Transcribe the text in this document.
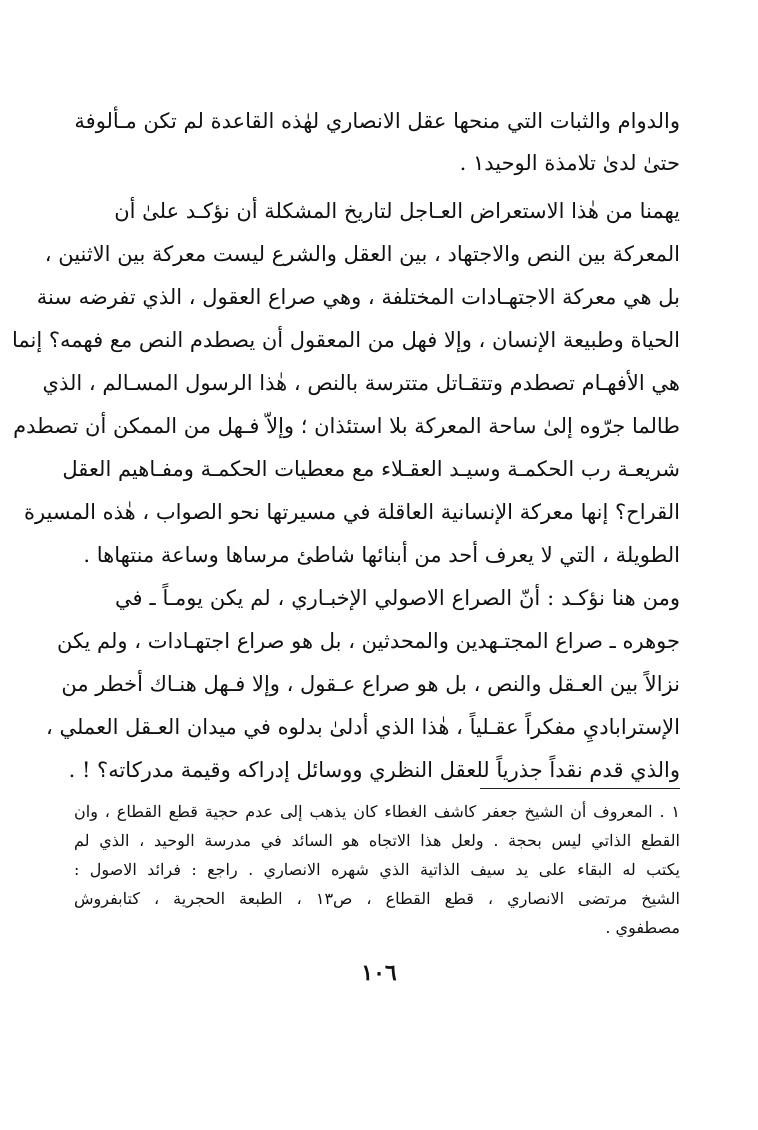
والدوام والثبات التي منحها عقل الانصاري لهٰذه القاعدة لم تكن مـألوفة
حتىٰ لدىٰ تلامذة الوحيد١ .
يهمنا من هٰذا الاستعراض العـاجل لتاريخ المشكلة أن نؤكـد علىٰ أن
المعركة بين النص والاجتهاد ، بين العقل والشرع ليست معركة بين الاثنين ،
بل هي معركة الاجتهـادات المختلفة ، وهي صراع العقول ، الذي تفرضه سنة
الحياة وطبيعة الإنسان ، وإلا فهل من المعقول أن يصطدم النص مع فهمه؟ إنما
هي الأفهـام تصطدم وتتقـاتل متترسة بالنص ، هٰذا الرسول المسـالم ، الذي
طالما جرّوه إلىٰ ساحة المعركة بلا استئذان ؛ وإلاّ فـهل من الممكن أن تصطدم
شريعـة رب الحكمـة وسيـد العقـلاء مع معطيات الحكمـة ومفـاهيم العقل
القراح؟ إنها معركة الإنسانية العاقلة في مسيرتها نحو الصواب ، هٰذه المسيرة
الطويلة ، التي لا يعرف أحد من أبنائها شاطئ مرساها وساعة منتهاها .
ومن هنا نؤكـد : أنّ الصراع الاصولي الإخبـاري ، لم يكن يومـاً ـ في
جوهره ـ صراع المجتـهدين والمحدثين ، بل هو صراع اجتهـادات ، ولم يكن
نزالاً بين العـقل والنص ، بل هو صراع عـقول ، وإلا فـهل هنـاك أخطر من
الإستراباديِ مفكراً عقـلياً ، هٰذا الذي أدلىٰ بدلوه في ميدان العـقل العملي ،
والذي قدم نقداً جذرياً للعقل النظري ووسائل إدراكه وقيمة مدركاته؟ ! .
١ . المعروف أن الشيخ جعفر كاشف الغطاء كان يذهب إلى عدم حجية قطع القطاع ، وان
القطع الذاتي ليس بحجة . ولعل هذا الاتجاه هو السائد في مدرسة الوحيد ، الذي لم
يكتب له البقاء على يد سيف الذاتية الذي شهره الانصاري . راجع : فرائد الاصول :
الشيخ مرتضى الانصاري ، قطع القطاع ، ص١٣ ، الطبعة الحجرية ، كتابفروش
مصطفوي .
١٠٦
